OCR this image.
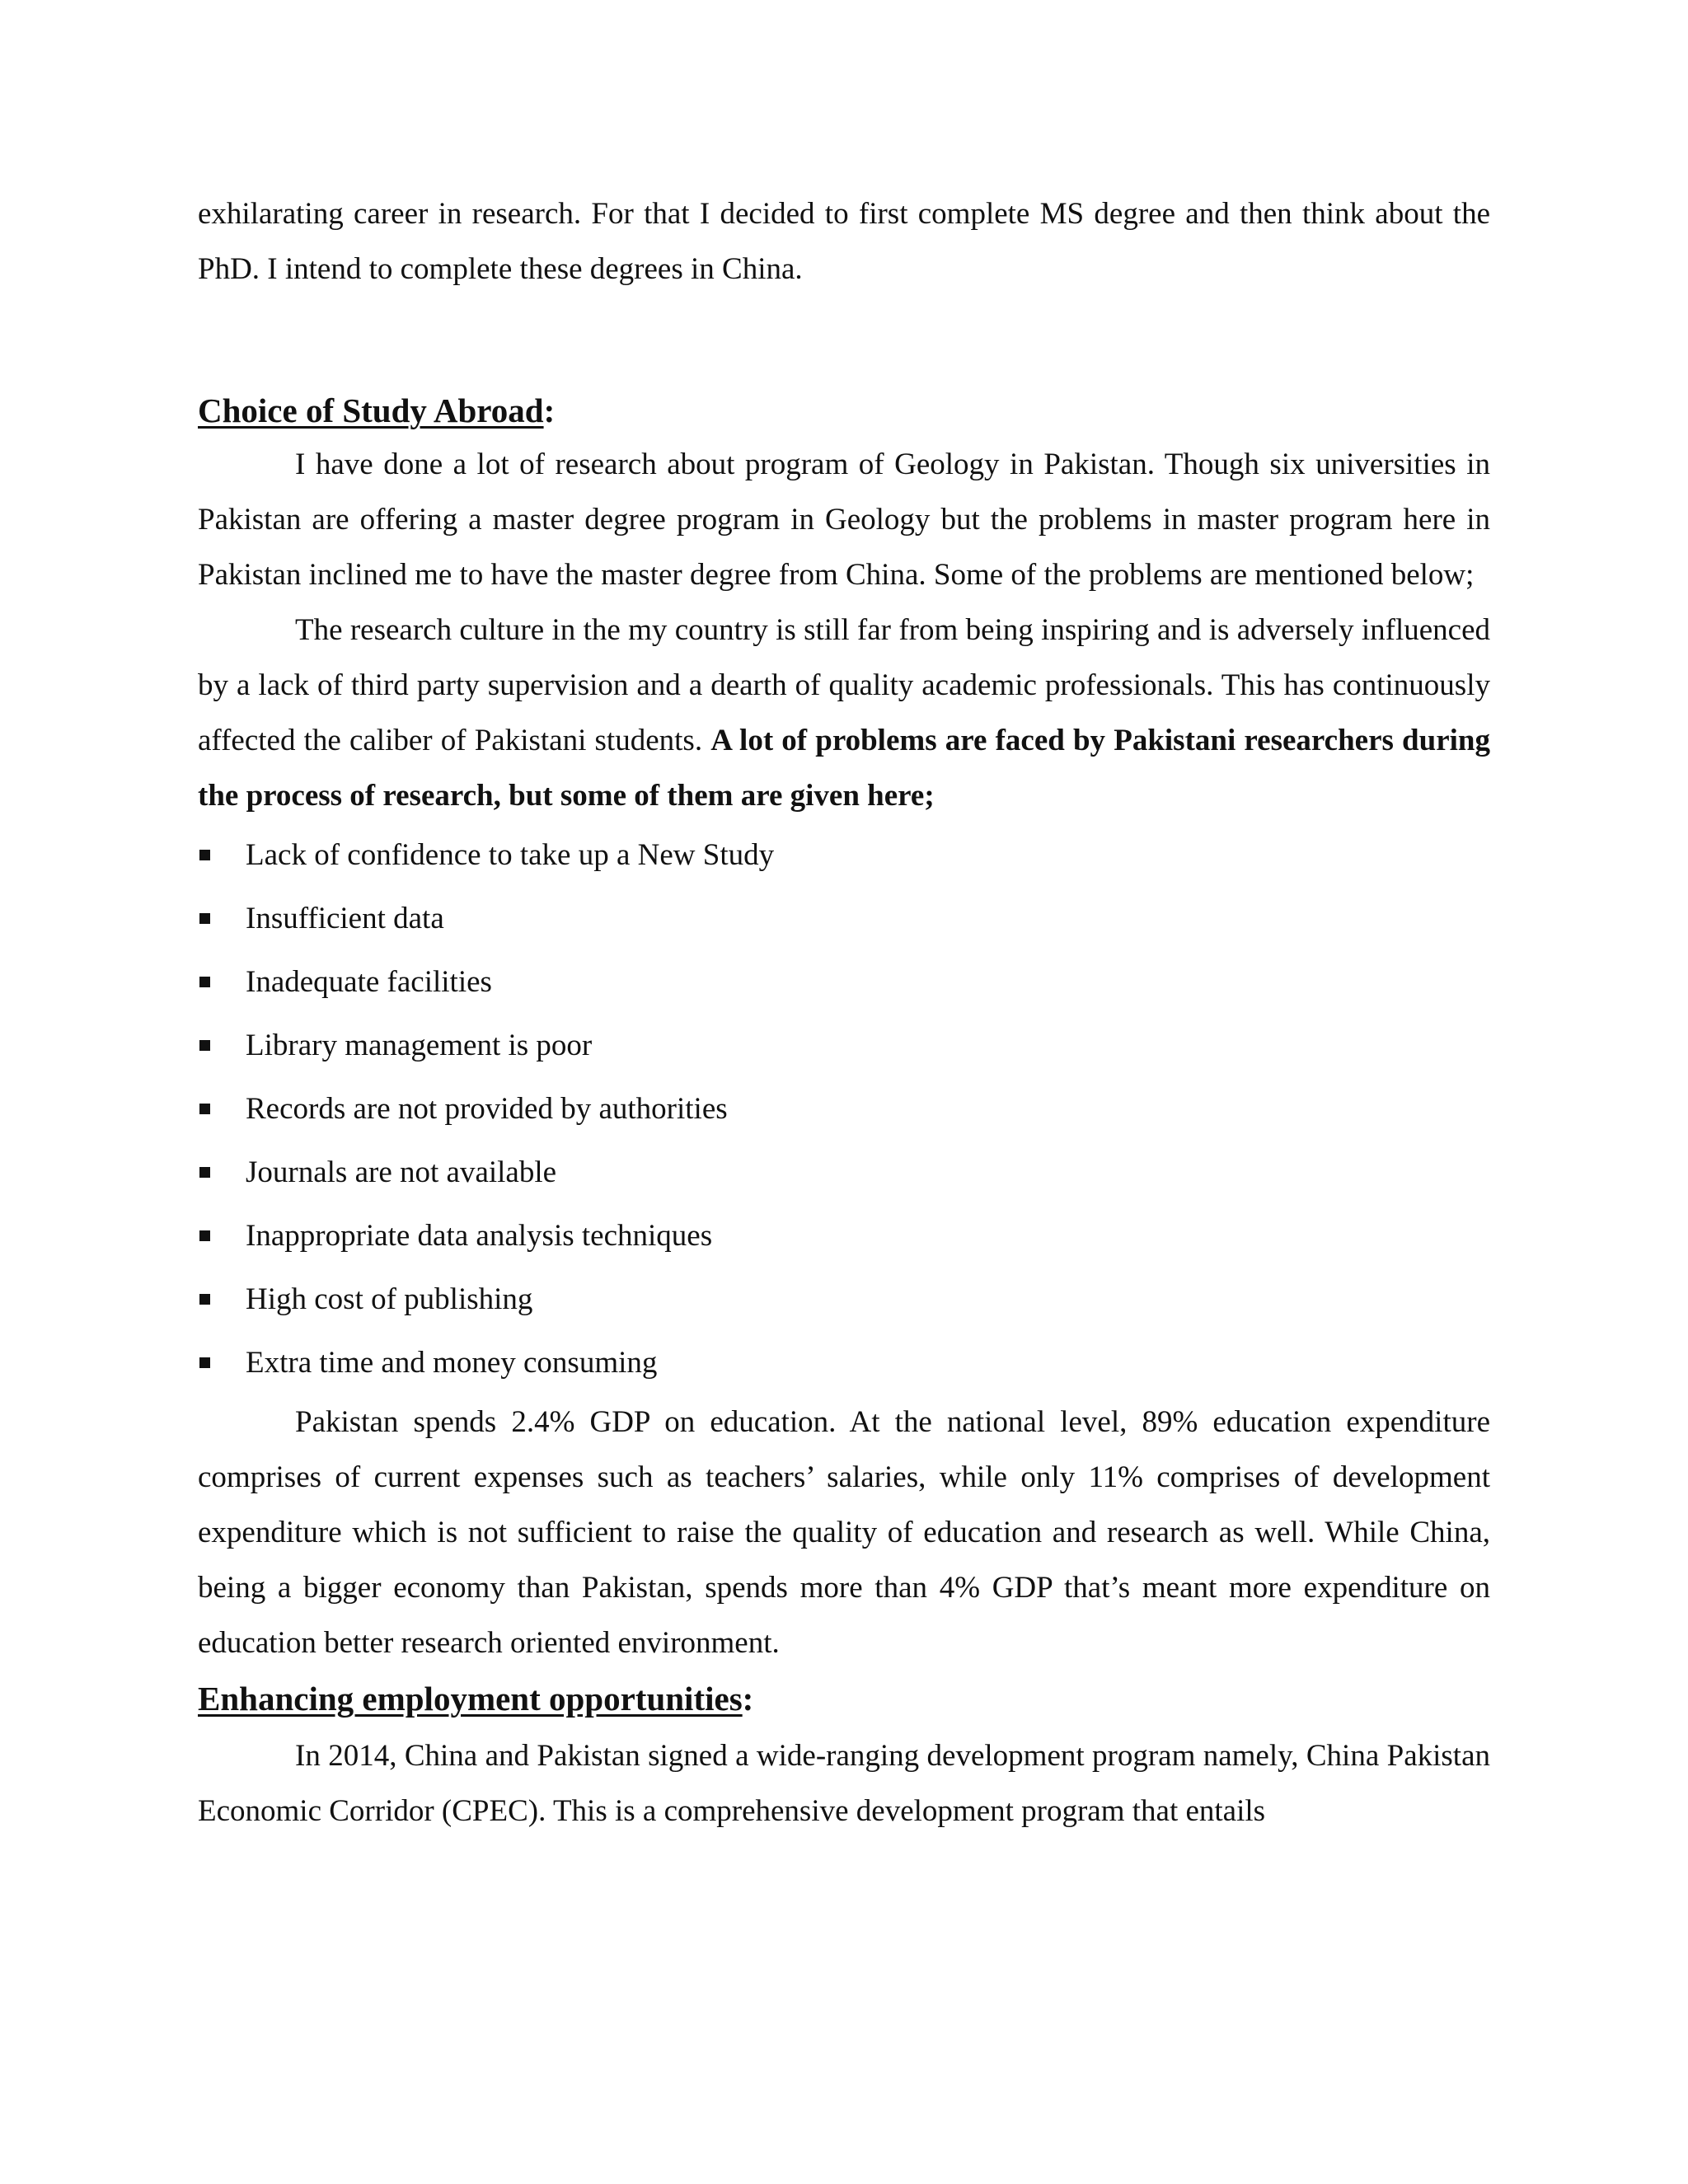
exhilarating career in research. For that I decided to first complete MS degree and then think about the PhD. I intend to complete these degrees in China.

Choice of Study Abroad:

I have done a lot of research about program of Geology in Pakistan. Though six universities in Pakistan are offering a master degree program in Geology but the problems in master program here in Pakistan inclined me to have the master degree from China. Some of the problems are mentioned below;

The research culture in the my country is still far from being inspiring and is adversely influenced by a lack of third party supervision and a dearth of quality academic professionals. This has continuously affected the caliber of Pakistani students. A lot of problems are faced by Pakistani researchers during the process of research, but some of them are given here;

Lack of confidence to take up a New Study
Insufficient data
Inadequate facilities
Library management is poor
Records are not provided by authorities
Journals are not available
Inappropriate data analysis techniques
High cost of publishing
Extra time and money consuming

Pakistan spends 2.4% GDP on education. At the national level, 89% education expenditure comprises of current expenses such as teachers’ salaries, while only 11% comprises of development expenditure which is not sufficient to raise the quality of education and research as well. While China, being a bigger economy than Pakistan, spends more than 4% GDP that’s meant more expenditure on education better research oriented environment.

Enhancing employment opportunities:

In 2014, China and Pakistan signed a wide-ranging development program namely, China Pakistan Economic Corridor (CPEC). This is a comprehensive development program that entails
